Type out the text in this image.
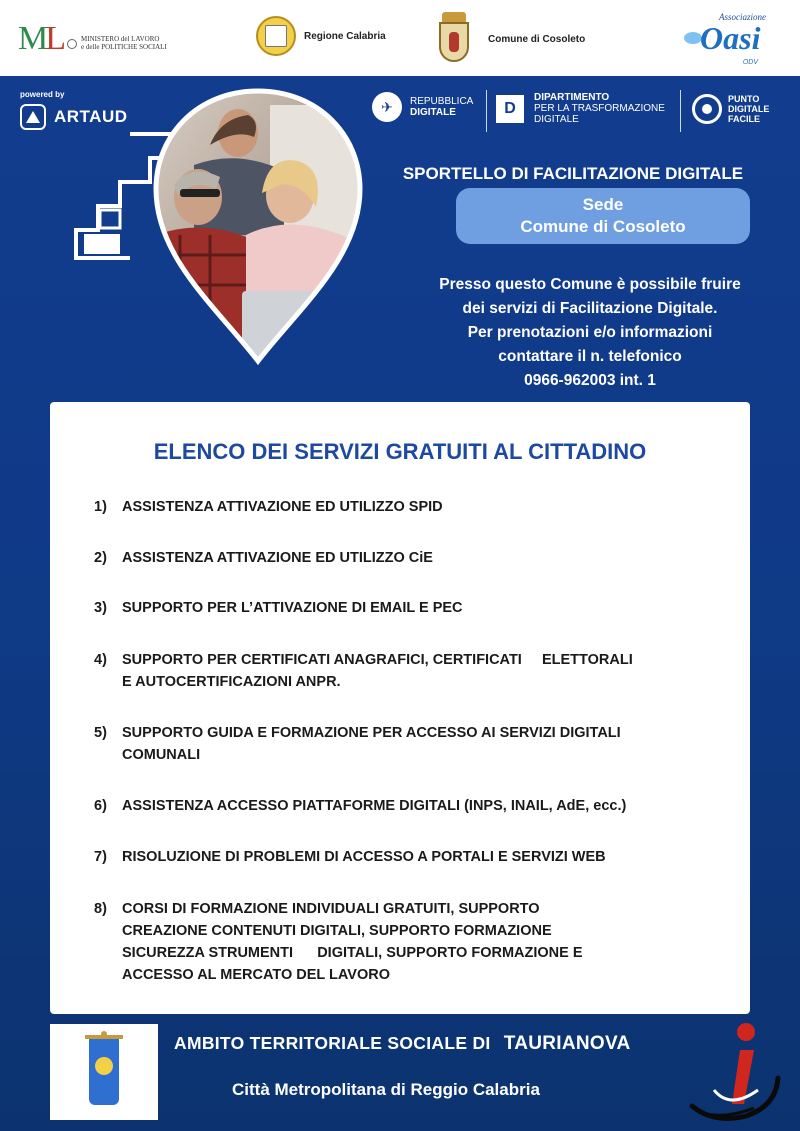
ML	MINISTERO del LAVORO
e delle POLITICHE SOCIALI
Regione Calabria	Comune di Cosoleto
Associazione
Oasi
ODV
powered by
ARTAUD
✈ REPUBBLICA
DIGITALE	D
DIPARTIMENTO
PER LA TRASFORMAZIONE
DIGITALE
PUNTO
DIGITALE
FACILE
SPORTELLO DI FACILITAZIONE DIGITALE
Sede
Comune di Cosoleto
Presso questo Comune è possibile fruire
dei servizi di Facilitazione Digitale.
Per prenotazioni e/o informazioni
contattare il n. telefonico
0966-962003 int. 1
ELENCO DEI SERVIZI GRATUITI AL CITTADINO
1)	ASSISTENZA ATTIVAZIONE ED UTILIZZO SPID
2)	ASSISTENZA ATTIVAZIONE ED UTILIZZO CiE
3)	SUPPORTO PER L’ATTIVAZIONE DI EMAIL E PEC
4)	SUPPORTO PER CERTIFICATI ANAGRAFICI, CERTIFICATI     ELETTORALI
E AUTOCERTIFICAZIONI ANPR.
5)	SUPPORTO GUIDA E FORMAZIONE PER ACCESSO AI SERVIZI DIGITALI
COMUNALI
6)	ASSISTENZA ACCESSO PIATTAFORME DIGITALI (INPS, INAIL, AdE, ecc.)
7)	RISOLUZIONE DI PROBLEMI DI ACCESSO A PORTALI E SERVIZI WEB
8)	CORSI DI FORMAZIONE INDIVIDUALI GRATUITI, SUPPORTO
CREAZIONE CONTENUTI DIGITALI, SUPPORTO FORMAZIONE
SICUREZZA STRUMENTI      DIGITALI, SUPPORTO FORMAZIONE E
ACCESSO AL MERCATO DEL LAVORO
AMBITO TERRITORIALE SOCIALE DI TAURIANOVA
Città Metropolitana di Reggio Calabria
